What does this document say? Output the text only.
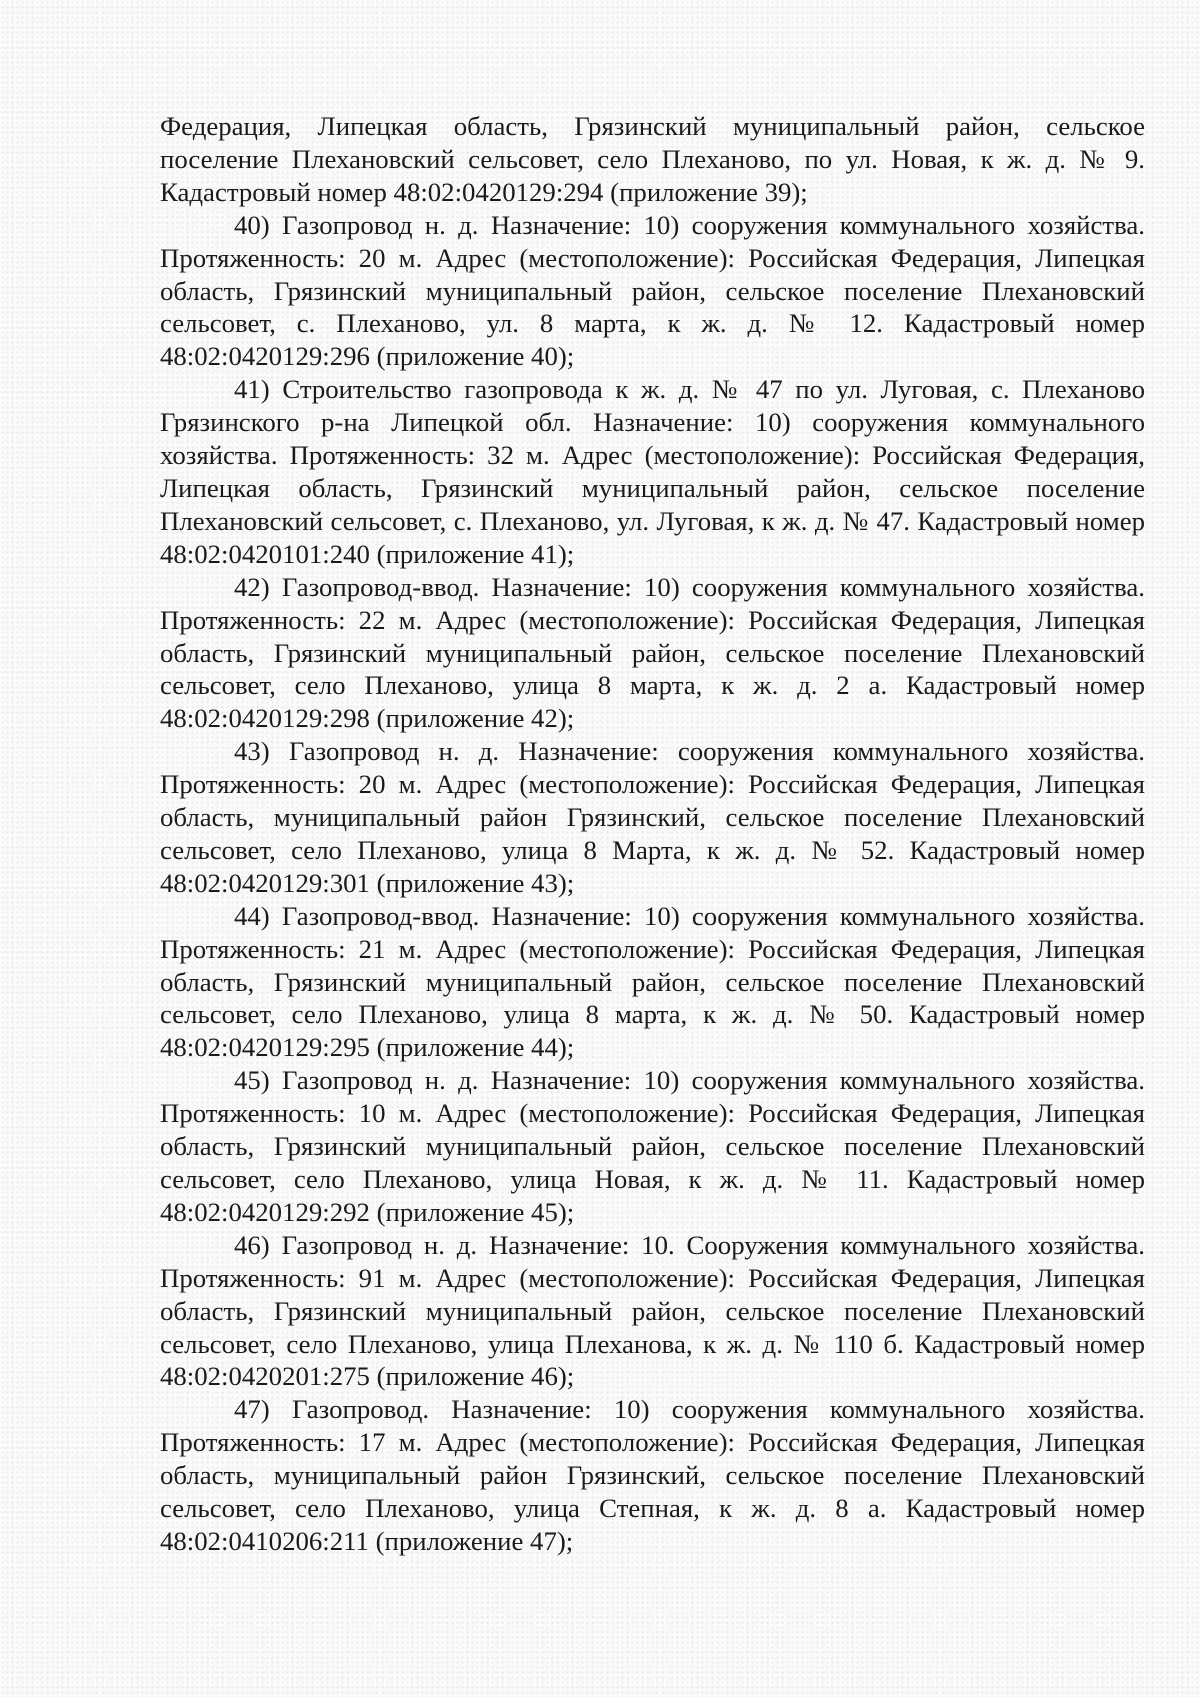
Федерация, Липецкая область, Грязинский муниципальный район, сельское поселение Плехановский сельсовет, село Плеханово, по ул. Новая, к ж. д. № 9. Кадастровый номер 48:02:0420129:294 (приложение 39);

40) Газопровод н. д. Назначение: 10) сооружения коммунального хозяйства. Протяженность: 20 м. Адрес (местоположение): Российская Федерация, Липецкая область, Грязинский муниципальный район, сельское поселение Плехановский сельсовет, с. Плеханово, ул. 8 марта, к ж. д. № 12. Кадастровый номер 48:02:0420129:296 (приложение 40);

41) Строительство газопровода к ж. д. № 47 по ул. Луговая, с. Плеханово Грязинского р-на Липецкой обл. Назначение: 10) сооружения коммунального хозяйства. Протяженность: 32 м. Адрес (местоположение): Российская Федерация, Липецкая область, Грязинский муниципальный район, сельское поселение Плехановский сельсовет, с. Плеханово, ул. Луговая, к ж. д. № 47. Кадастровый номер 48:02:0420101:240 (приложение 41);

42) Газопровод-ввод. Назначение: 10) сооружения коммунального хозяйства. Протяженность: 22 м. Адрес (местоположение): Российская Федерация, Липецкая область, Грязинский муниципальный район, сельское поселение Плехановский сельсовет, село Плеханово, улица 8 марта, к ж. д. 2 а. Кадастровый номер 48:02:0420129:298 (приложение 42);

43) Газопровод н. д. Назначение: сооружения коммунального хозяйства. Протяженность: 20 м. Адрес (местоположение): Российская Федерация, Липецкая область, муниципальный район Грязинский, сельское поселение Плехановский сельсовет, село Плеханово, улица 8 Марта, к ж. д. № 52. Кадастровый номер 48:02:0420129:301 (приложение 43);

44) Газопровод-ввод. Назначение: 10) сооружения коммунального хозяйства. Протяженность: 21 м. Адрес (местоположение): Российская Федерация, Липецкая область, Грязинский муниципальный район, сельское поселение Плехановский сельсовет, село Плеханово, улица 8 марта, к ж. д. № 50. Кадастровый номер 48:02:0420129:295 (приложение 44);

45) Газопровод н. д. Назначение: 10) сооружения коммунального хозяйства. Протяженность: 10 м. Адрес (местоположение): Российская Федерация, Липецкая область, Грязинский муниципальный район, сельское поселение Плехановский сельсовет, село Плеханово, улица Новая, к ж. д. № 11. Кадастровый номер 48:02:0420129:292 (приложение 45);

46) Газопровод н. д. Назначение: 10. Сооружения коммунального хозяйства. Протяженность: 91 м. Адрес (местоположение): Российская Федерация, Липецкая область, Грязинский муниципальный район, сельское поселение Плехановский сельсовет, село Плеханово, улица Плеханова, к ж. д. № 110 б. Кадастровый номер 48:02:0420201:275 (приложение 46);

47) Газопровод. Назначение: 10) сооружения коммунального хозяйства. Протяженность: 17 м. Адрес (местоположение): Российская Федерация, Липецкая область, муниципальный район Грязинский, сельское поселение Плехановский сельсовет, село Плеханово, улица Степная, к ж. д. 8 а. Кадастровый номер 48:02:0410206:211 (приложение 47);
